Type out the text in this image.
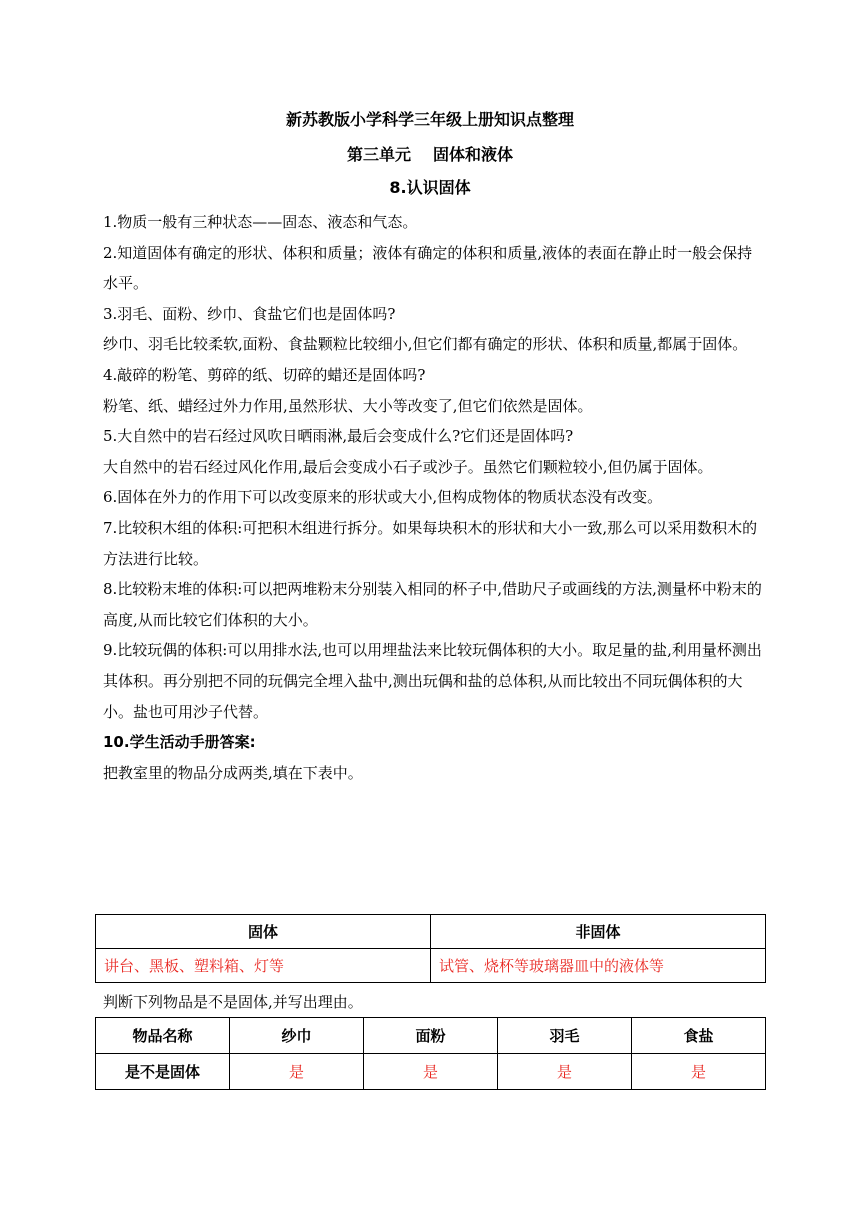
新苏教版小学科学三年级上册知识点整理
第三单元 固体和液体
8.认识固体

1.物质一般有三种状态——固态、液态和气态。

2.知道固体有确定的形状、体积和质量；液体有确定的体积和质量,液体的表面在静止时一般会保持水平。

3.羽毛、面粉、纱巾、食盐它们也是固体吗?

纱巾、羽毛比较柔软,面粉、食盐颗粒比较细小,但它们都有确定的形状、体积和质量,都属于固体。

4.敲碎的粉笔、剪碎的纸、切碎的蜡还是固体吗?

粉笔、纸、蜡经过外力作用,虽然形状、大小等改变了,但它们依然是固体。

5.大自然中的岩石经过风吹日晒雨淋,最后会变成什么?它们还是固体吗?

大自然中的岩石经过风化作用,最后会变成小石子或沙子。虽然它们颗粒较小,但仍属于固体。

6.固体在外力的作用下可以改变原来的形状或大小,但构成物体的物质状态没有改变。

7.比较积木组的体积:可把积木组进行拆分。如果每块积木的形状和大小一致,那么可以采用数积木的方法进行比较。

8.比较粉末堆的体积:可以把两堆粉末分别装入相同的杯子中,借助尺子或画线的方法,测量杯中粉末的高度,从而比较它们体积的大小。

9.比较玩偶的体积:可以用排水法,也可以用埋盐法来比较玩偶体积的大小。取足量的盐,利用量杯测出其体积。再分别把不同的玩偶完全埋入盐中,测出玩偶和盐的总体积,从而比较出不同玩偶体积的大小。盐也可用沙子代替。

10.学生活动手册答案:

把教室里的物品分成两类,填在下表中。

固体	非固体
讲台、黑板、塑料箱、灯等	试管、烧杯等玻璃器皿中的液体等
判断下列物品是不是固体,并写出理由。
物品名称	纱巾	面粉	羽毛	食盐
是不是固体	是	是	是	是
